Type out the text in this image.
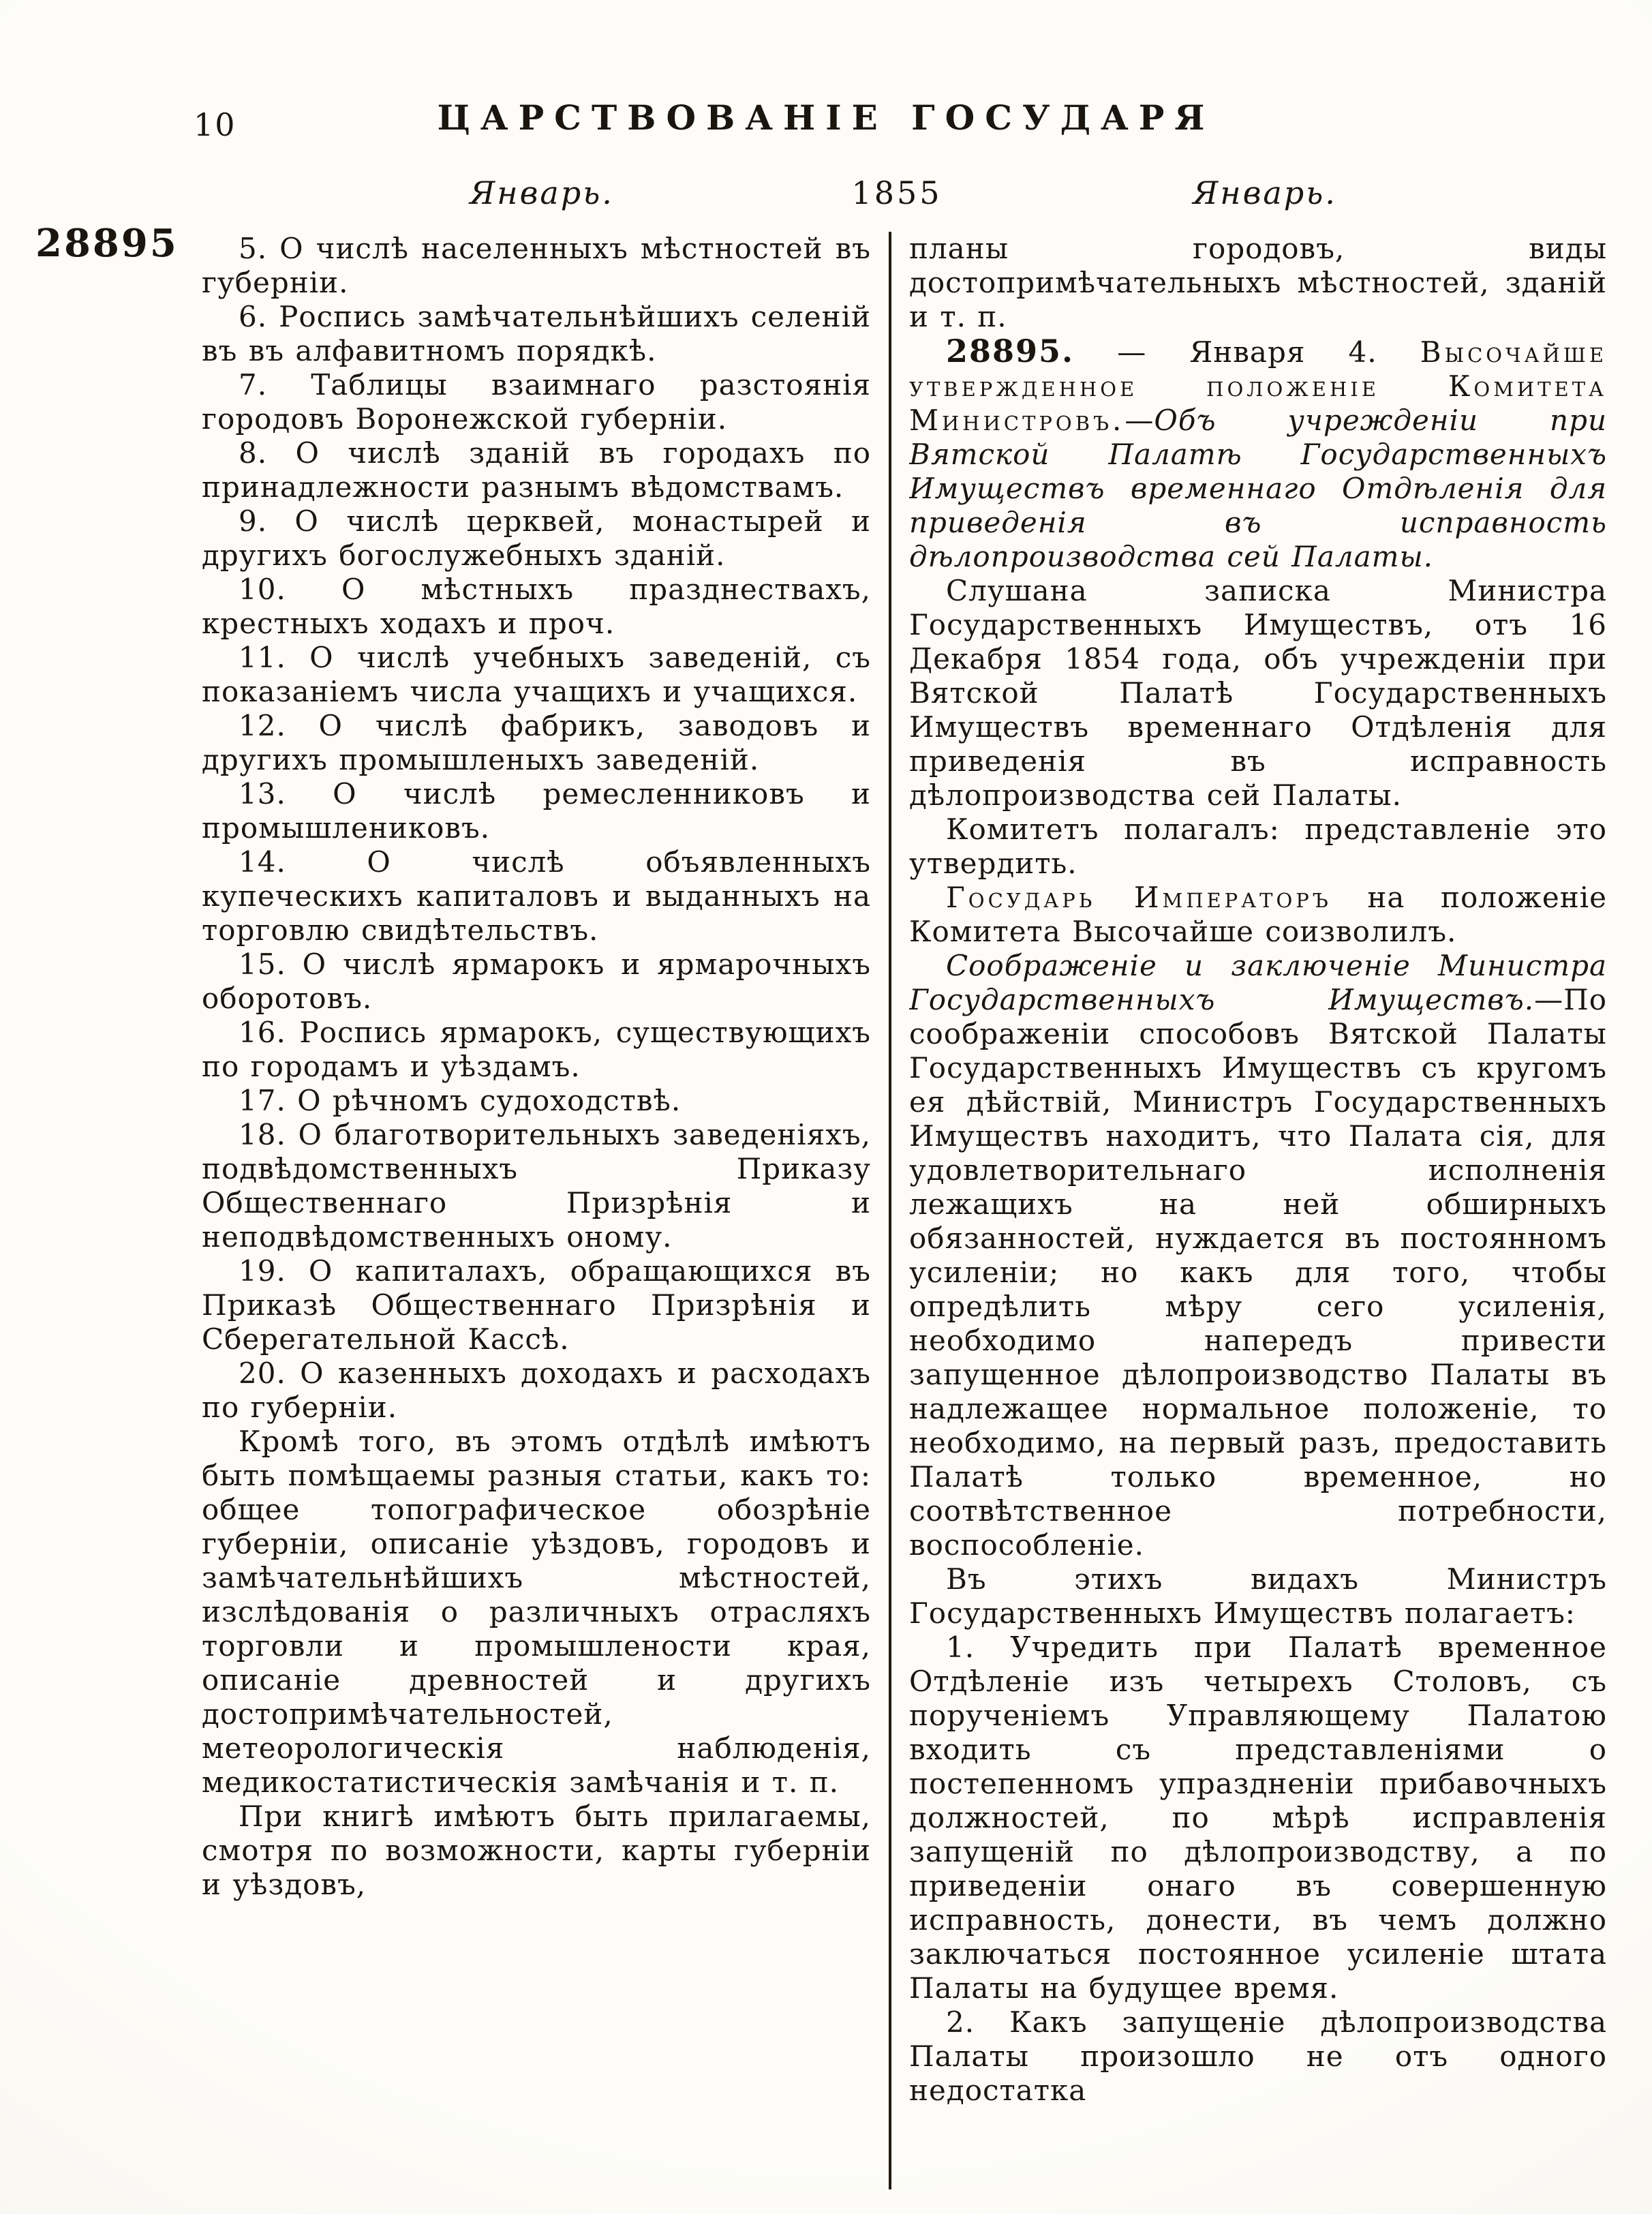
10	ЦАРСТВОВАНІЕ ГОСУДАРЯ
Январь.	1855	Январь.
28895	5. О числѣ населенныхъ мѣстностей въ губерніи.

6. Роспись замѣчательнѣйшихъ селеній въ въ алфавитномъ порядкѣ.

7. Таблицы взаимнаго разстоянія городовъ Воронежской губерніи.

8. О числѣ зданій въ городахъ по принадлежности разнымъ вѣдомствамъ.

9. О числѣ церквей, монастырей и другихъ богослужебныхъ зданій.

10. О мѣстныхъ празднествахъ, крестныхъ ходахъ и проч.

11. О числѣ учебныхъ заведеній, съ показаніемъ числа учащихъ и учащихся.

12. О числѣ фабрикъ, заводовъ и другихъ промышленыхъ заведеній.

13. О числѣ ремесленниковъ и промышлениковъ.

14. О числѣ объявленныхъ купеческихъ капиталовъ и выданныхъ на торговлю свидѣтельствъ.

15. О числѣ ярмарокъ и ярмарочныхъ оборотовъ.

16. Роспись ярмарокъ, существующихъ по городамъ и уѣздамъ.

17. О рѣчномъ судоходствѣ.

18. О благотворительныхъ заведеніяхъ, подвѣдомственныхъ Приказу Общественнаго Призрѣнія и неподвѣдомственныхъ оному.

19. О капиталахъ, обращающихся въ Приказѣ Общественнаго Призрѣнія и Сберегательной Кассѣ.

20. О казенныхъ доходахъ и расходахъ по губерніи.

Кромѣ того, въ этомъ отдѣлѣ имѣютъ быть помѣщаемы разныя статьи, какъ то: общее топографическое обозрѣніе губерніи, описаніе уѣздовъ, городовъ и замѣчательнѣйшихъ мѣстностей, изслѣдованія о различныхъ отрасляхъ торговли и промышлености края, описаніе древностей и другихъ достопримѣчательностей, метеорологическія наблюденія, медикостатистическія замѣчанія и т. п.

При книгѣ имѣютъ быть прилагаемы, смотря по возможности, карты губерніи и уѣздовъ,

планы городовъ, виды достопримѣчательныхъ мѣстностей, зданій и т. п.

28895. — Января 4. Высочайше утвержденное положеніе Комитета Министровъ.—Объ учрежденіи при Вятской Палатѣ Государственныхъ Имуществъ временнаго Отдѣленія для приведенія въ исправность дѣлопроизводства сей Палаты.

Слушана записка Министра Государственныхъ Имуществъ, отъ 16 Декабря 1854 года, объ учрежденіи при Вятской Палатѣ Государственныхъ Имуществъ временнаго Отдѣленія для приведенія въ исправность дѣлопроизводства сей Палаты.

Комитетъ полагалъ: представленіе это утвердить.

Государь Императоръ на положеніе Комитета Высочайше соизволилъ.

Соображеніе и заключеніе Министра Государственныхъ Имуществъ.—По соображеніи способовъ Вятской Палаты Государственныхъ Имуществъ съ кругомъ ея дѣйствій, Министръ Государственныхъ Имуществъ находитъ, что Палата сія, для удовлетворительнаго исполненія лежащихъ на ней обширныхъ обязанностей, нуждается въ постоянномъ усиленіи; но какъ для того, чтобы опредѣлить мѣру сего усиленія, необходимо напередъ привести запущенное дѣлопроизводство Палаты въ надлежащее нормальное положеніе, то необходимо, на первый разъ, предоставить Палатѣ только временное, но соотвѣтственное потребности, воспособленіе.

Въ этихъ видахъ Министръ Государственныхъ Имуществъ полагаетъ:

1. Учредить при Палатѣ временное Отдѣленіе изъ четырехъ Столовъ, съ порученіемъ Управляющему Палатою входить съ представленіями о постепенномъ упраздненіи прибавочныхъ должностей, по мѣрѣ исправленія запущеній по дѣлопроизводству, а по приведеніи онаго въ совершенную исправность, донести, въ чемъ должно заключаться постоянное усиленіе штата Палаты на будущее время.

2. Какъ запущеніе дѣлопроизводства Палаты произошло не отъ одного недостатка
